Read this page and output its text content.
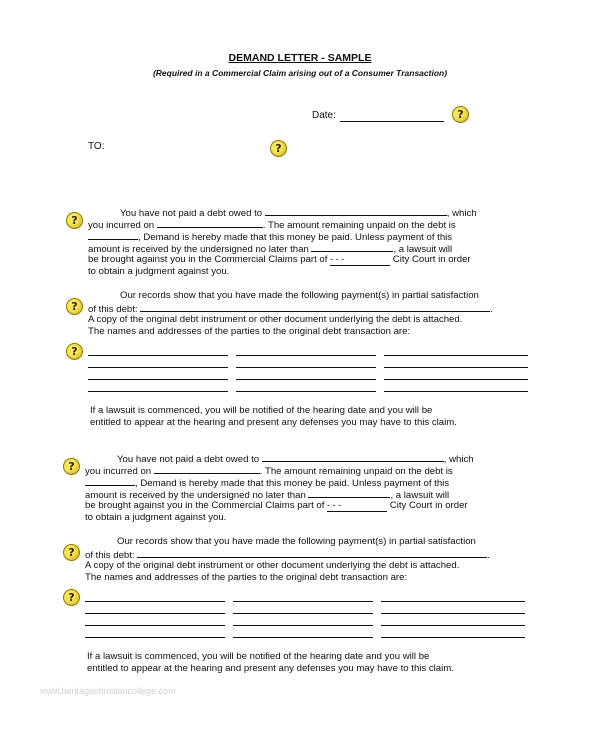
DEMAND LETTER - SAMPLE
(Required in a Commercial Claim arising out of a Consumer Transaction)
Date:	?
TO:	?
?
You have not paid a debt owed to	, which
you incurred on	. The amount remaining unpaid on the debt is
, Demand is hereby made that this money be paid. Unless payment of this
amount is received by the undersigned no later than	, a lawsuit will
be brought against you in the Commercial Claims part of - - -	City Court in order
to obtain a judgment against you.
?
Our records show that you have made the following payment(s) in partial satisfaction
of this debt:	.
A copy of the original debt instrument or other document underlying the debt is attached.
The names and addresses of the parties to the original debt transaction are:
?
If a lawsuit is commenced, you will be notified of the hearing date and you will be
entitled to appear at the hearing and present any defenses you may have to this claim.
?
You have not paid a debt owed to	, which
you incurred on	. The amount remaining unpaid on the debt is
, Demand is hereby made that this money be paid. Unless payment of this
amount is received by the undersigned no later than	, a lawsuit will
be brought against you in the Commercial Claims part of - - -	City Court in order
to obtain a judgment against you.
?
Our records show that you have made the following payment(s) in partial satisfaction
of this debt:	.
A copy of the original debt instrument or other document underlying the debt is attached.
The names and addresses of the parties to the original debt transaction are:
?
If a lawsuit is commenced, you will be notified of the hearing date and you will be
entitled to appear at the hearing and present any defenses you may have to this claim.
www.heritagechristiancollege.com
